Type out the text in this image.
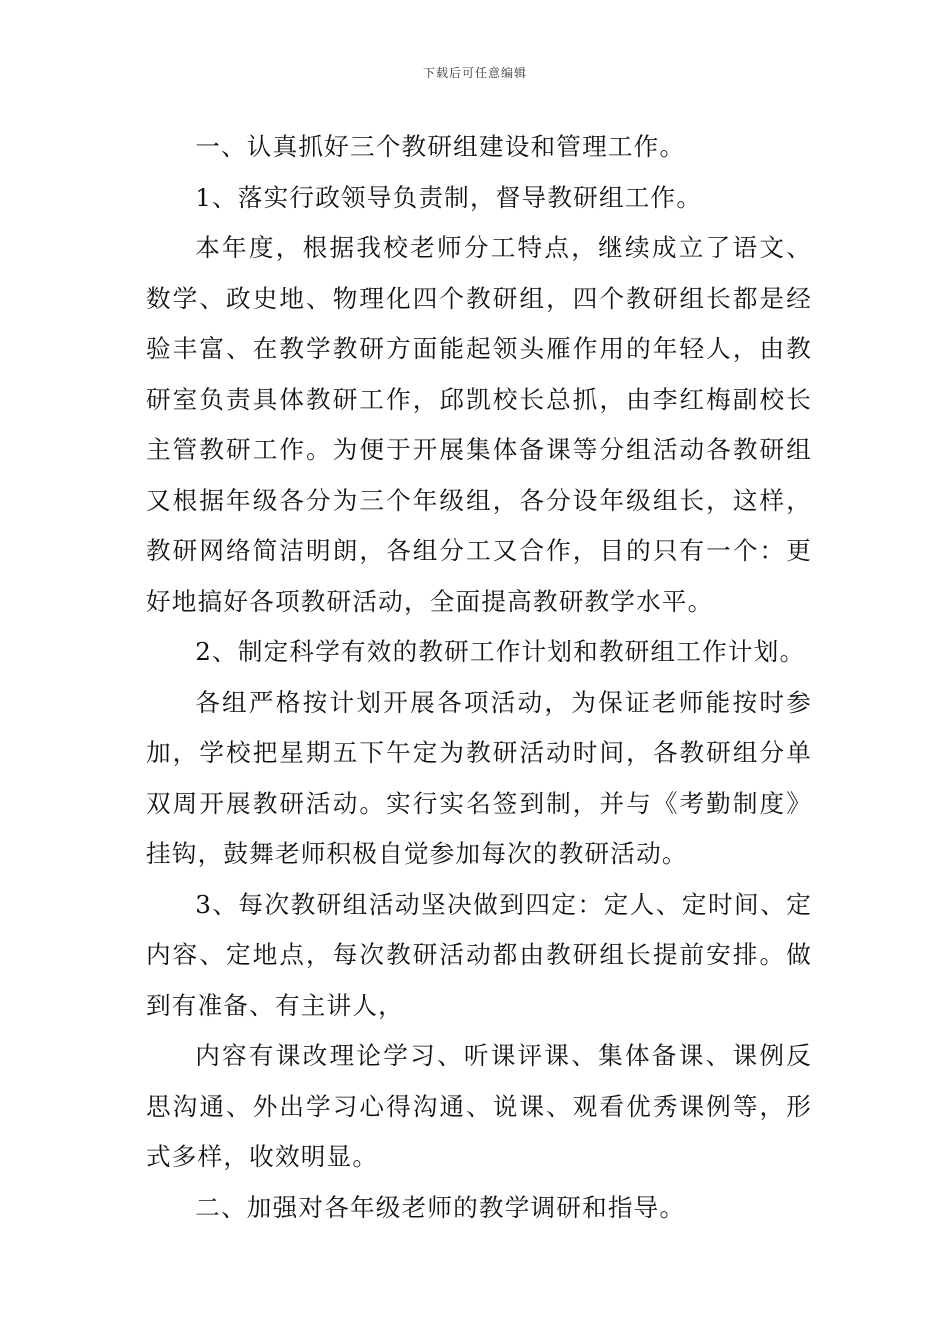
下载后可任意编辑

一、认真抓好三个教研组建设和管理工作。

1、落实行政领导负责制，督导教研组工作。

本年度，根据我校老师分工特点，继续成立了语文、数学、政史地、物理化四个教研组，四个教研组长都是经验丰富、在教学教研方面能起领头雁作用的年轻人，由教研室负责具体教研工作，邱凯校长总抓，由李红梅副校长主管教研工作。为便于开展集体备课等分组活动各教研组又根据年级各分为三个年级组，各分设年级组长，这样，教研网络简洁明朗，各组分工又合作，目的只有一个：更好地搞好各项教研活动，全面提高教研教学水平。

2、制定科学有效的教研工作计划和教研组工作计划。

各组严格按计划开展各项活动，为保证老师能按时参加，学校把星期五下午定为教研活动时间，各教研组分单双周开展教研活动。实行实名签到制，并与《考勤制度》挂钩，鼓舞老师积极自觉参加每次的教研活动。

3、每次教研组活动坚决做到四定：定人、定时间、定内容、定地点，每次教研活动都由教研组长提前安排。做到有准备、有主讲人，

内容有课改理论学习、听课评课、集体备课、课例反思沟通、外出学习心得沟通、说课、观看优秀课例等，形式多样，收效明显。

二、加强对各年级老师的教学调研和指导。
